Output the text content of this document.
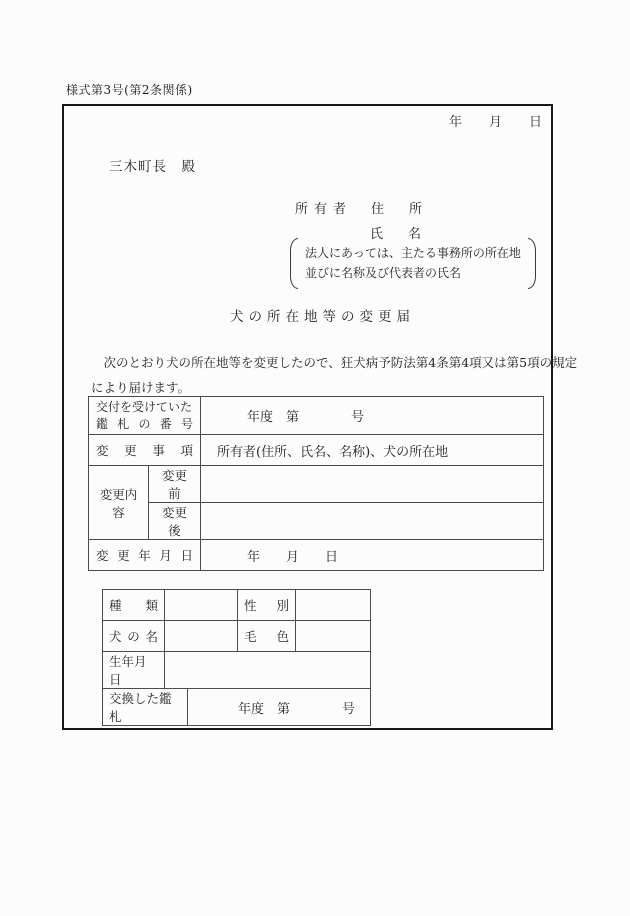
様式第3号(第2条関係)
年 月 日
三木町長　殿
所有者　住　所
氏　名
法人にあっては、主たる事務所の所在地
並びに名称及び代表者の氏名
犬の所在地等の変更届
　次のとおり犬の所在地等を変更したので、狂犬病予防法第4条第4項又は第5項の規定
により届けます。
交付を受けていた
鑑札の番号		年度　第　　　　号
変更事項		所有者(住所、氏名、名称)、犬の所在地
変更内容	変更前	
	変更後	
変更年月日		年　　月　　日
種類			性別	
犬の名			毛色	
生年月日				
交換した鑑札		年度　第　　　　号		
